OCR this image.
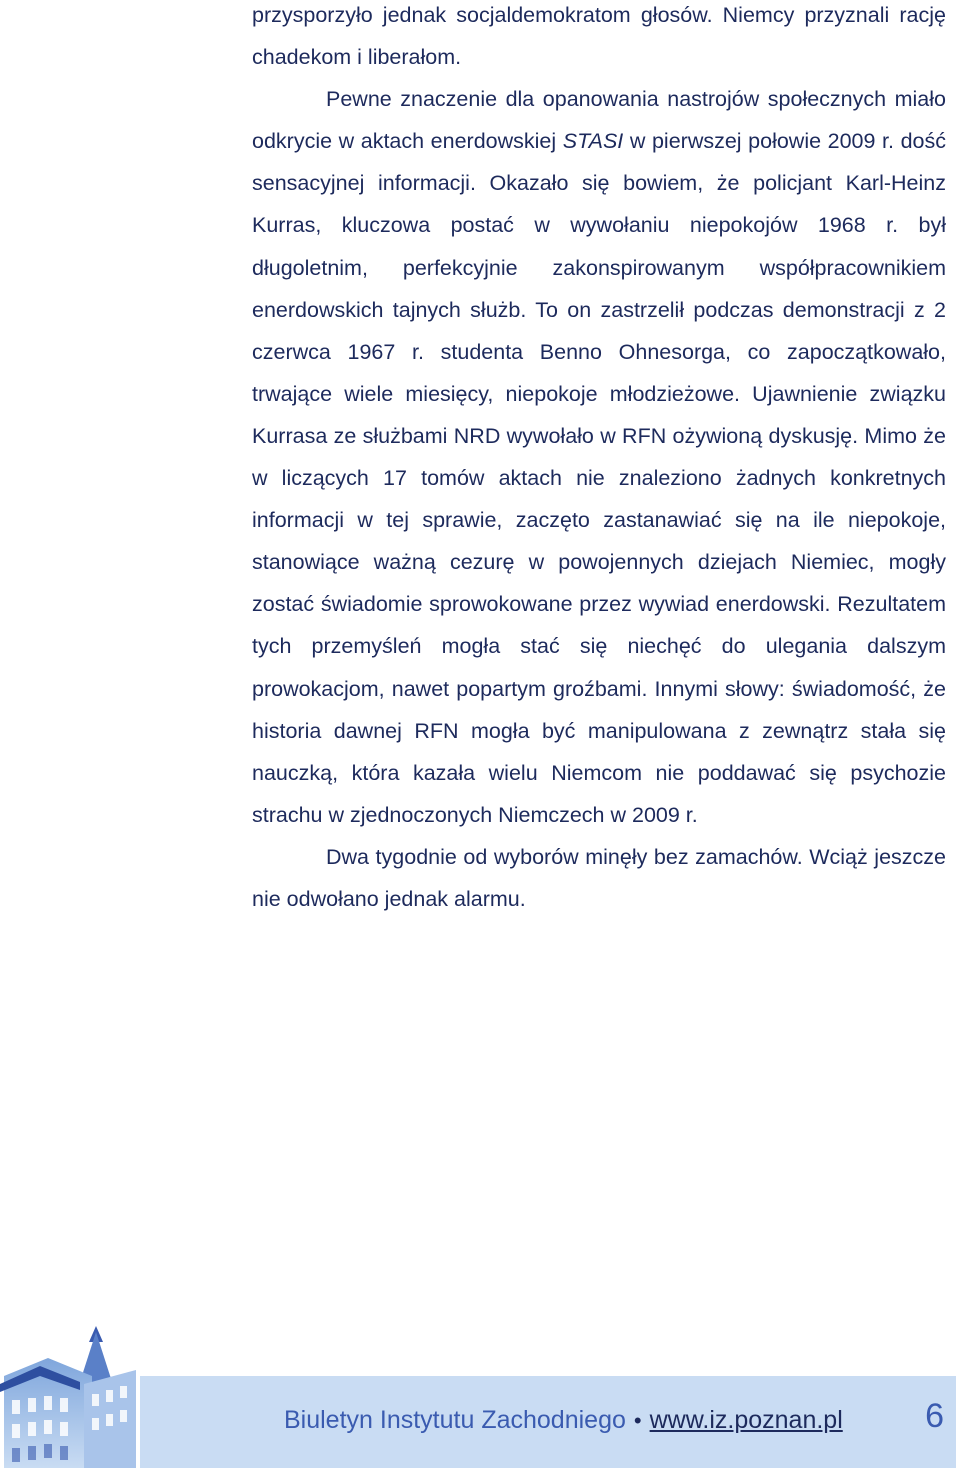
przysporzyło jednak socjaldemokratom głosów. Niemcy przyznali rację chadekom i liberałom.

Pewne znaczenie dla opanowania nastrojów społecznych miało odkrycie w aktach enerdowskiej STASI w pierwszej połowie 2009 r. dość sensacyjnej informacji. Okazało się bowiem, że policjant Karl-Heinz Kurras, kluczowa postać w wywołaniu niepokojów 1968 r. był długoletnim, perfekcyjnie zakonspirowanym współpracownikiem enerdowskich tajnych służb. To on zastrzelił podczas demonstracji z 2 czerwca 1967 r. studenta Benno Ohnesorga, co zapoczątkowało, trwające wiele miesięcy, niepokoje młodzieżowe. Ujawnienie związku Kurrasa ze służbami NRD wywołało w RFN ożywioną dyskusję. Mimo że w liczących 17 tomów aktach nie znaleziono żadnych konkretnych informacji w tej sprawie, zaczęto zastanawiać się na ile niepokoje, stanowiące ważną cezurę w powojennych dziejach Niemiec, mogły zostać świadomie sprowokowane przez wywiad enerdowski. Rezultatem tych przemyśleń mogła stać się niechęć do ulegania dalszym prowokacjom, nawet popartym groźbami. Innymi słowy: świadomość, że historia dawnej RFN mogła być manipulowana z zewnątrz stała się nauczką, która kazała wielu Niemcom nie poddawać się psychozie strachu w zjednoczonych Niemczech w 2009 r.

Dwa tygodnie od wyborów minęły bez zamachów. Wciąż jeszcze nie odwołano jednak alarmu.

Biuletyn Instytutu Zachodniego • www.iz.poznan.pl 6
